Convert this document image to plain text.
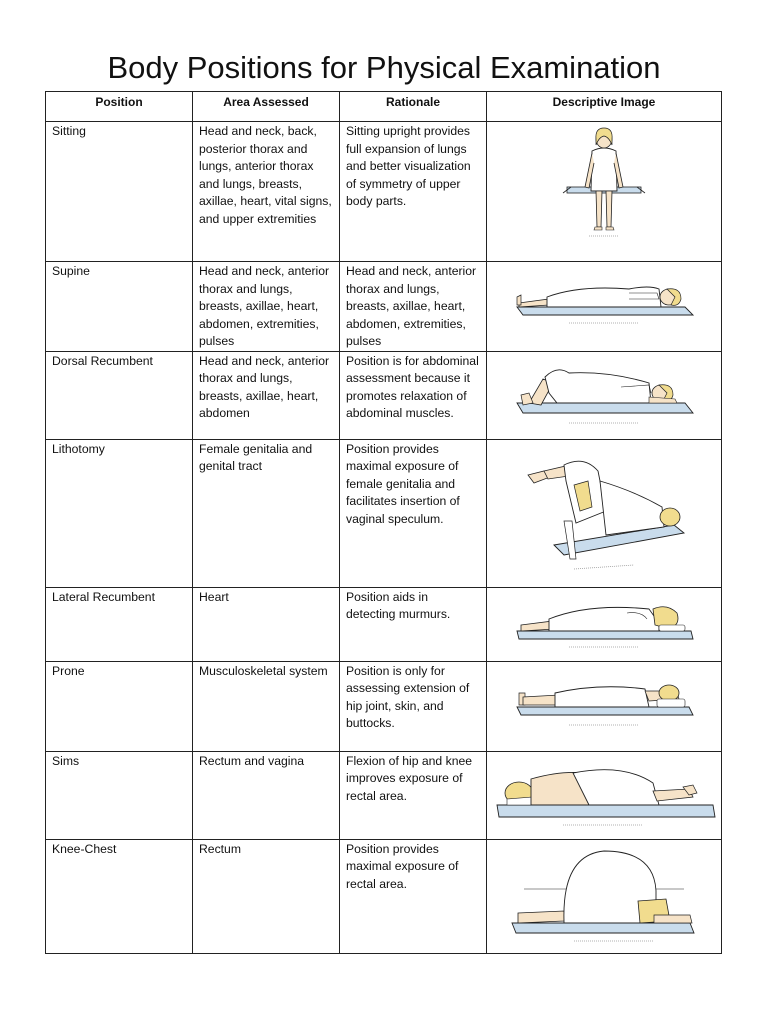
Body Positions for Physical Examination
Position	Area Assessed	Rationale	Descriptive Image
Sitting	Head and neck, back, posterior thorax and lungs, anterior thorax and lungs, breasts, axillae, heart, vital signs, and upper extremities	Sitting upright provides full expansion of lungs and better visualization of symmetry of upper body parts.	

Supine	Head and neck, anterior thorax and lungs, breasts, axillae, heart, abdomen, extremities, pulses	Head and neck, anterior thorax and lungs, breasts, axillae, heart, abdomen, extremities, pulses	

Dorsal Recumbent	Head and neck, anterior thorax and lungs, breasts, axillae, heart, abdomen	Position is for abdominal assessment because it promotes relaxation of abdominal muscles.	

Lithotomy	Female genitalia and genital tract	Position provides maximal exposure of female genitalia and facilitates insertion of vaginal speculum.	

Lateral Recumbent	Heart	Position aids in detecting murmurs.	

Prone	Musculoskeletal system	Position is only for assessing extension of hip joint, skin, and buttocks.	

Sims	Rectum and vagina	Flexion of hip and knee improves exposure of rectal area.	

Knee-Chest	Rectum	Position provides maximal exposure of rectal area.	
